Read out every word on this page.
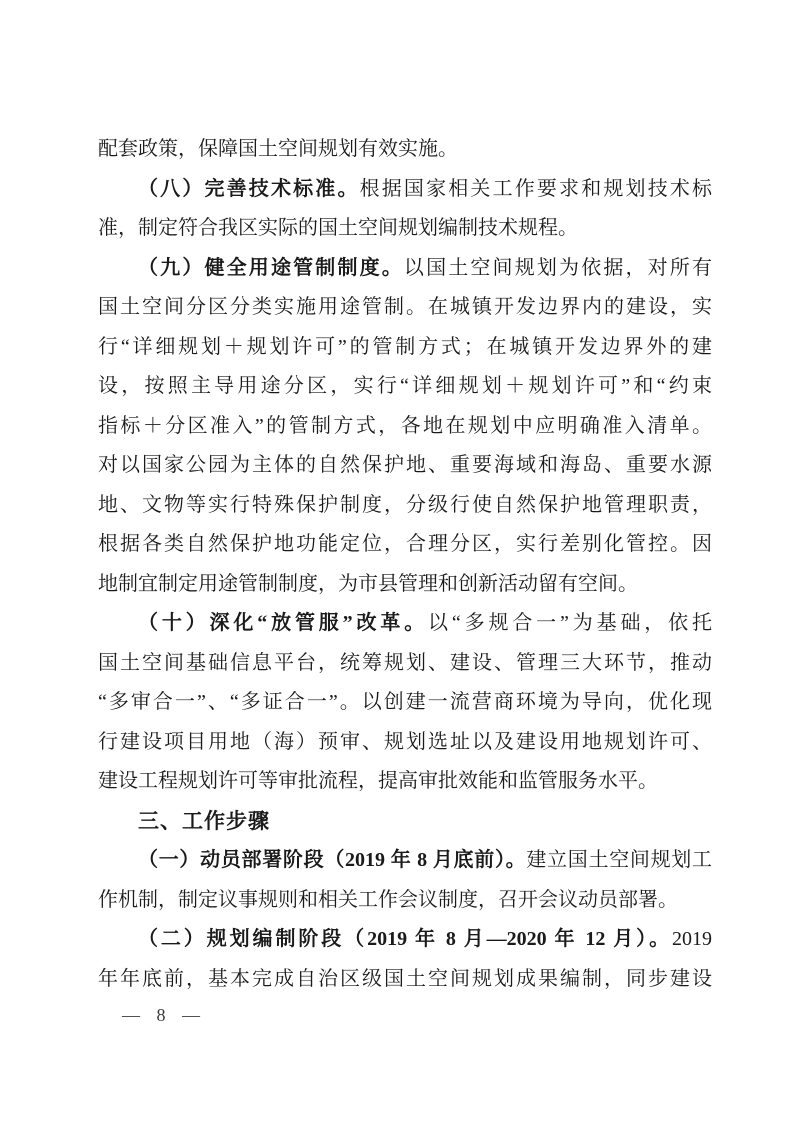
配套政策，保障国土空间规划有效实施。
（八）完善技术标准。根据国家相关工作要求和规划技术标
准，制定符合我区实际的国土空间规划编制技术规程。
（九）健全用途管制制度。以国土空间规划为依据，对所有
国土空间分区分类实施用途管制。在城镇开发边界内的建设，实
行“详细规划＋规划许可”的管制方式；在城镇开发边界外的建
设，按照主导用途分区，实行“详细规划＋规划许可”和“约束
指标＋分区准入”的管制方式，各地在规划中应明确准入清单。
对以国家公园为主体的自然保护地、重要海域和海岛、重要水源
地、文物等实行特殊保护制度，分级行使自然保护地管理职责，
根据各类自然保护地功能定位，合理分区，实行差别化管控。因
地制宜制定用途管制制度，为市县管理和创新活动留有空间。
（十）深化“放管服”改革。以“多规合一”为基础，依托
国土空间基础信息平台，统筹规划、建设、管理三大环节，推动
“多审合一”、“多证合一”。以创建一流营商环境为导向，优化现
行建设项目用地（海）预审、规划选址以及建设用地规划许可、
建设工程规划许可等审批流程，提高审批效能和监管服务水平。
三、工作步骤
（一）动员部署阶段（2019 年 8 月底前）。建立国土空间规划工
作机制，制定议事规则和相关工作会议制度，召开会议动员部署。
（二）规划编制阶段（2019 年 8 月—2020 年 12 月）。2019
年年底前，基本完成自治区级国土空间规划成果编制，同步建设
— 8 —
